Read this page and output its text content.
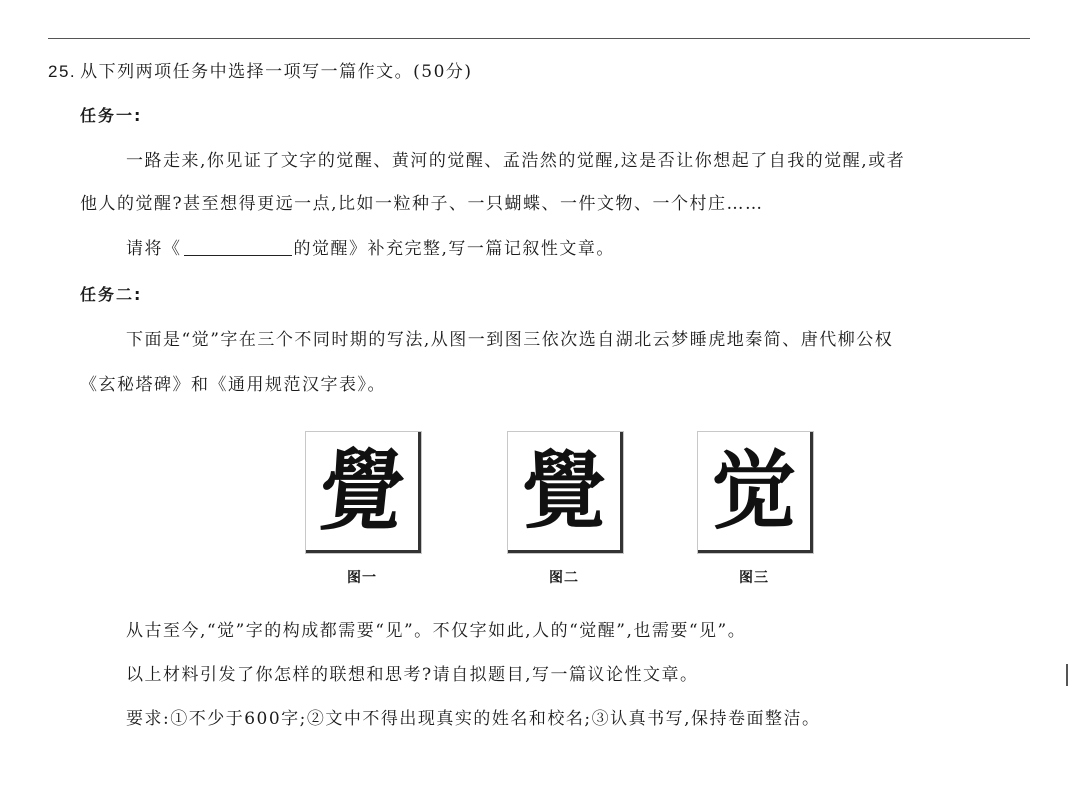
25. 从下列两项任务中选择一项写一篇作文。(50分)
任务一:
一路走来,你见证了文字的觉醒、黄河的觉醒、孟浩然的觉醒,这是否让你想起了自我的觉醒,或者
他人的觉醒?甚至想得更远一点,比如一粒种子、一只蝴蝶、一件文物、一个村庄……
请将《	的觉醒》补充完整,写一篇记叙性文章。
任务二:
下面是“觉”字在三个不同时期的写法,从图一到图三依次选自湖北云梦睡虎地秦简、唐代柳公权
《玄秘塔碑》和《通用规范汉字表》。
覺
图一
覺
图二
觉
图三
从古至今,“觉”字的构成都需要“见”。不仅字如此,人的“觉醒”,也需要“见”。
以上材料引发了你怎样的联想和思考?请自拟题目,写一篇议论性文章。
要求:①不少于600字;②文中不得出现真实的姓名和校名;③认真书写,保持卷面整洁。
